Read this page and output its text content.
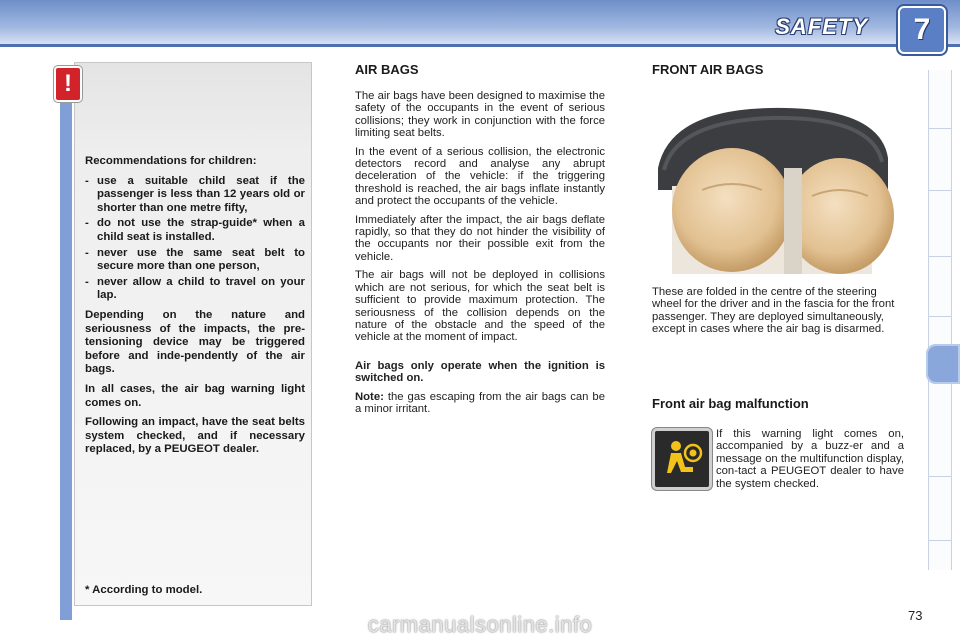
SAFETY	7
!

Recommendations for children:

- use a suitable child seat if the passenger is less than 12 years old or shorter than one metre fifty,
- do not use the strap-guide* when a child seat is installed.
- never use the same seat belt to secure more than one person,
- never allow a child to travel on your lap.

Depending on the nature and seriousness of the impacts, the pre-tensioning device may be triggered before and inde-pendently of the air bags.

In all cases, the air bag warning light comes on.

Following an impact, have the seat belts system checked, and if necessary replaced, by a PEUGEOT dealer.

* According to model.
AIR BAGS

The air bags have been designed to maximise the safety of the occupants in the event of serious collisions; they work in conjunction with the force limiting seat belts.

In the event of a serious collision, the electronic detectors record and analyse any abrupt deceleration of the vehicle: if the triggering threshold is reached, the air bags inflate instantly and protect the occupants of the vehicle.

Immediately after the impact, the air bags deflate rapidly, so that they do not hinder the visibility of the occupants nor their possible exit from the vehicle.

The air bags will not be deployed in collisions which are not serious, for which the seat belt is sufficient to provide maximum protection. The seriousness of the collision depends on the nature of the obstacle and the speed of the vehicle at the moment of impact.

Air bags only operate when the ignition is switched on.

Note: the gas escaping from the air bags can be a minor irritant.

FRONT AIR BAGS
These are folded in the centre of the steering wheel for the driver and in the fascia for the front passenger. They are deployed simultaneously, except in cases where the air bag is disarmed.
Front air bag malfunction
If this warning light comes on, accompanied by a buzz-er and a message on the multifunction display, con-tact a PEUGEOT dealer to have the system checked.
73
carmanualsonline.info
